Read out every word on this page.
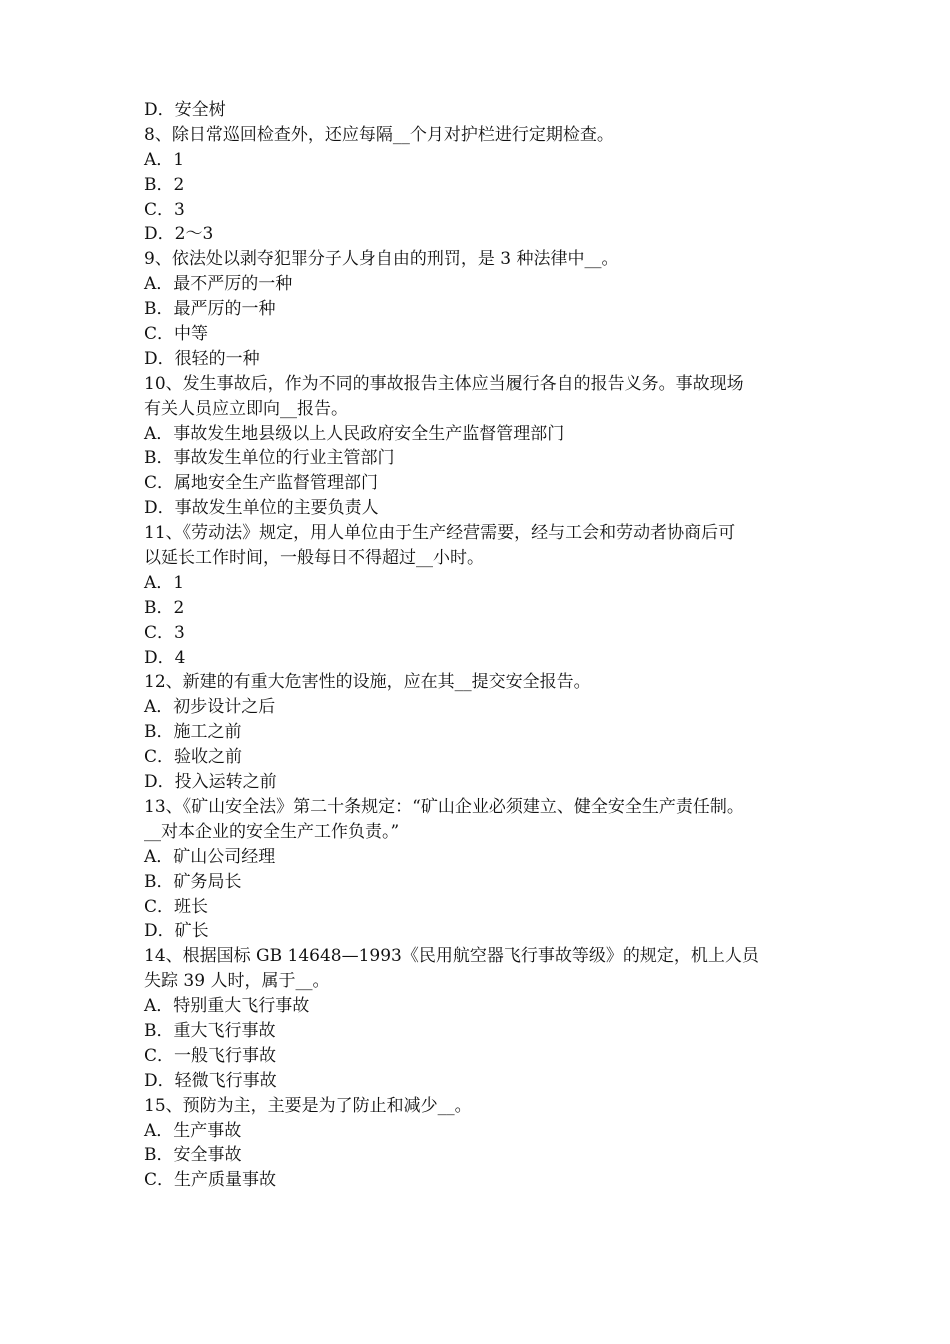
D．安全树
8、除日常巡回检查外，还应每隔__个月对护栏进行定期检查。
A．1
B．2
C．3
D．2～3
9、依法处以剥夺犯罪分子人身自由的刑罚，是 3 种法律中__。
A．最不严厉的一种
B．最严厉的一种
C．中等
D．很轻的一种
10、发生事故后，作为不同的事故报告主体应当履行各自的报告义务。事故现场
有关人员应立即向__报告。
A．事故发生地县级以上人民政府安全生产监督管理部门
B．事故发生单位的行业主管部门
C．属地安全生产监督管理部门
D．事故发生单位的主要负责人
11、《劳动法》规定，用人单位由于生产经营需要，经与工会和劳动者协商后可
以延长工作时间，一般每日不得超过__小时。
A．1
B．2
C．3
D．4
12、新建的有重大危害性的设施，应在其__提交安全报告。
A．初步设计之后
B．施工之前
C．验收之前
D．投入运转之前
13、《矿山安全法》第二十条规定：“矿山企业必须建立、健全安全生产责任制。
__对本企业的安全生产工作负责。”
A．矿山公司经理
B．矿务局长
C．班长
D．矿长
14、根据国标 GB 14648—1993《民用航空器飞行事故等级》的规定，机上人员
失踪 39 人时，属于__。
A．特别重大飞行事故
B．重大飞行事故
C．一般飞行事故
D．轻微飞行事故
15、预防为主，主要是为了防止和减少__。
A．生产事故
B．安全事故
C．生产质量事故
